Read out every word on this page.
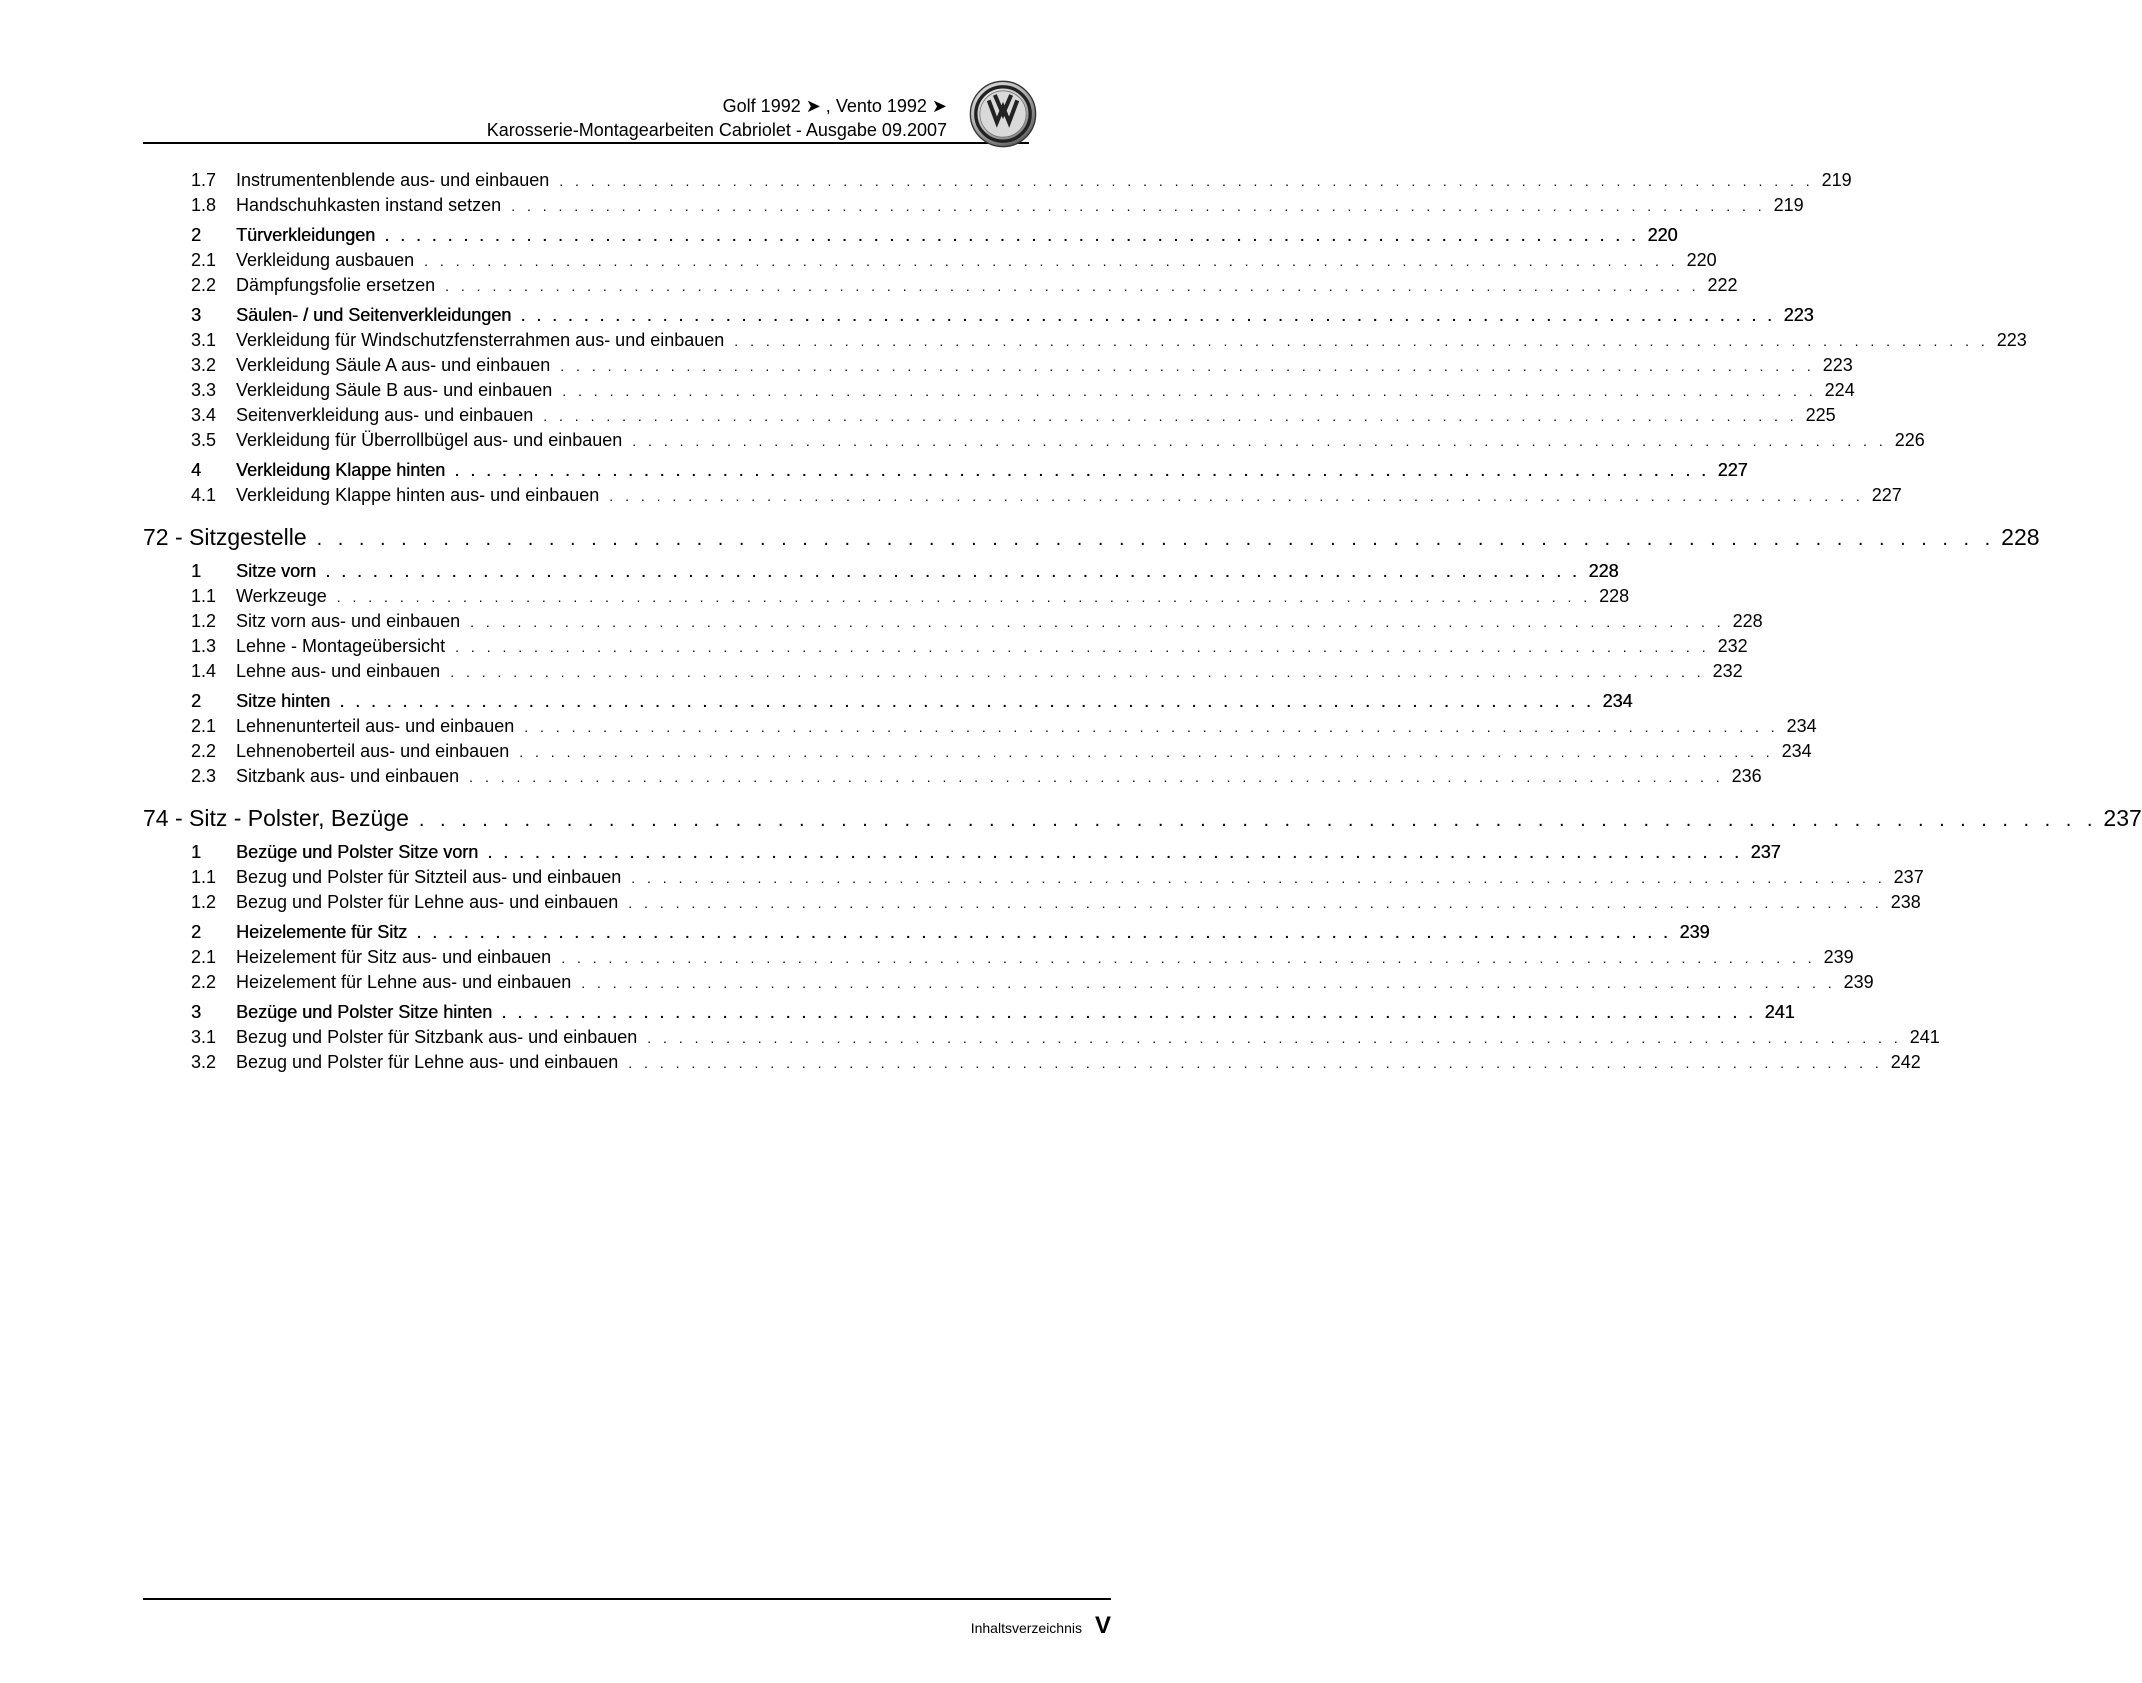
Golf 1992 ➤ , Vento 1992 ➤
Karosserie-Montagearbeiten Cabriolet - Ausgabe 09.2007
1.7	Instrumentenblende aus- und einbauen . . . . . . . . . . . . . . . . . . . . . . . . . . . . . . . . . . . . . . . . . . . . . . . . . . . . . . . . . . . . . . . . . . . . . . . . . . . . . . . . 219
1.8	Handschuhkasten instand setzen . . . . . . . . . . . . . . . . . . . . . . . . . . . . . . . . . . . . . . . . . . . . . . . . . . . . . . . . . . . . . . . . . . . . . . . . . . . . . . . . 219
2	Türverkleidungen . . . . . . . . . . . . . . . . . . . . . . . . . . . . . . . . . . . . . . . . . . . . . . . . . . . . . . . . . . . . . . . . . . . . . . . . . . . . . . . . 220
2.1	Verkleidung ausbauen . . . . . . . . . . . . . . . . . . . . . . . . . . . . . . . . . . . . . . . . . . . . . . . . . . . . . . . . . . . . . . . . . . . . . . . . . . . . . . . . 220
2.2	Dämpfungsfolie ersetzen . . . . . . . . . . . . . . . . . . . . . . . . . . . . . . . . . . . . . . . . . . . . . . . . . . . . . . . . . . . . . . . . . . . . . . . . . . . . . . . . 222
3	Säulen- / und Seitenverkleidungen . . . . . . . . . . . . . . . . . . . . . . . . . . . . . . . . . . . . . . . . . . . . . . . . . . . . . . . . . . . . . . . . . . . . . . . . . . . . . . . . 223
3.1	Verkleidung für Windschutzfensterrahmen aus- und einbauen . . . . . . . . . . . . . . . . . . . . . . . . . . . . . . . . . . . . . . . . . . . . . . . . . . . . . . . . . . . . . . . . . . . . . . . . . . . . . . . . 223
3.2	Verkleidung Säule A aus- und einbauen . . . . . . . . . . . . . . . . . . . . . . . . . . . . . . . . . . . . . . . . . . . . . . . . . . . . . . . . . . . . . . . . . . . . . . . . . . . . . . . . 223
3.3	Verkleidung Säule B aus- und einbauen . . . . . . . . . . . . . . . . . . . . . . . . . . . . . . . . . . . . . . . . . . . . . . . . . . . . . . . . . . . . . . . . . . . . . . . . . . . . . . . . 224
3.4	Seitenverkleidung aus- und einbauen . . . . . . . . . . . . . . . . . . . . . . . . . . . . . . . . . . . . . . . . . . . . . . . . . . . . . . . . . . . . . . . . . . . . . . . . . . . . . . . . 225
3.5	Verkleidung für Überrollbügel aus- und einbauen . . . . . . . . . . . . . . . . . . . . . . . . . . . . . . . . . . . . . . . . . . . . . . . . . . . . . . . . . . . . . . . . . . . . . . . . . . . . . . . . 226
4	Verkleidung Klappe hinten . . . . . . . . . . . . . . . . . . . . . . . . . . . . . . . . . . . . . . . . . . . . . . . . . . . . . . . . . . . . . . . . . . . . . . . . . . . . . . . . 227
4.1	Verkleidung Klappe hinten aus- und einbauen . . . . . . . . . . . . . . . . . . . . . . . . . . . . . . . . . . . . . . . . . . . . . . . . . . . . . . . . . . . . . . . . . . . . . . . . . . . . . . . . 227
72 - Sitzgestelle . . . . . . . . . . . . . . . . . . . . . . . . . . . . . . . . . . . . . . . . . . . . . . . . . . . . . . . . . . . . . . . . . . . . . . . . . . . . . . . . 228
1	Sitze vorn . . . . . . . . . . . . . . . . . . . . . . . . . . . . . . . . . . . . . . . . . . . . . . . . . . . . . . . . . . . . . . . . . . . . . . . . . . . . . . . . 228
1.1	Werkzeuge . . . . . . . . . . . . . . . . . . . . . . . . . . . . . . . . . . . . . . . . . . . . . . . . . . . . . . . . . . . . . . . . . . . . . . . . . . . . . . . . 228
1.2	Sitz vorn aus- und einbauen . . . . . . . . . . . . . . . . . . . . . . . . . . . . . . . . . . . . . . . . . . . . . . . . . . . . . . . . . . . . . . . . . . . . . . . . . . . . . . . . 228
1.3	Lehne - Montageübersicht . . . . . . . . . . . . . . . . . . . . . . . . . . . . . . . . . . . . . . . . . . . . . . . . . . . . . . . . . . . . . . . . . . . . . . . . . . . . . . . . 232
1.4	Lehne aus- und einbauen . . . . . . . . . . . . . . . . . . . . . . . . . . . . . . . . . . . . . . . . . . . . . . . . . . . . . . . . . . . . . . . . . . . . . . . . . . . . . . . . 232
2	Sitze hinten . . . . . . . . . . . . . . . . . . . . . . . . . . . . . . . . . . . . . . . . . . . . . . . . . . . . . . . . . . . . . . . . . . . . . . . . . . . . . . . . 234
2.1	Lehnenunterteil aus- und einbauen . . . . . . . . . . . . . . . . . . . . . . . . . . . . . . . . . . . . . . . . . . . . . . . . . . . . . . . . . . . . . . . . . . . . . . . . . . . . . . . . 234
2.2	Lehnenoberteil aus- und einbauen . . . . . . . . . . . . . . . . . . . . . . . . . . . . . . . . . . . . . . . . . . . . . . . . . . . . . . . . . . . . . . . . . . . . . . . . . . . . . . . . 234
2.3	Sitzbank aus- und einbauen . . . . . . . . . . . . . . . . . . . . . . . . . . . . . . . . . . . . . . . . . . . . . . . . . . . . . . . . . . . . . . . . . . . . . . . . . . . . . . . . 236
74 - Sitz - Polster, Bezüge . . . . . . . . . . . . . . . . . . . . . . . . . . . . . . . . . . . . . . . . . . . . . . . . . . . . . . . . . . . . . . . . . . . . . . . . . . . . . . . . 237
1	Bezüge und Polster Sitze vorn . . . . . . . . . . . . . . . . . . . . . . . . . . . . . . . . . . . . . . . . . . . . . . . . . . . . . . . . . . . . . . . . . . . . . . . . . . . . . . . . 237
1.1	Bezug und Polster für Sitzteil aus- und einbauen . . . . . . . . . . . . . . . . . . . . . . . . . . . . . . . . . . . . . . . . . . . . . . . . . . . . . . . . . . . . . . . . . . . . . . . . . . . . . . . . 237
1.2	Bezug und Polster für Lehne aus- und einbauen . . . . . . . . . . . . . . . . . . . . . . . . . . . . . . . . . . . . . . . . . . . . . . . . . . . . . . . . . . . . . . . . . . . . . . . . . . . . . . . . 238
2	Heizelemente für Sitz . . . . . . . . . . . . . . . . . . . . . . . . . . . . . . . . . . . . . . . . . . . . . . . . . . . . . . . . . . . . . . . . . . . . . . . . . . . . . . . . 239
2.1	Heizelement für Sitz aus- und einbauen . . . . . . . . . . . . . . . . . . . . . . . . . . . . . . . . . . . . . . . . . . . . . . . . . . . . . . . . . . . . . . . . . . . . . . . . . . . . . . . . 239
2.2	Heizelement für Lehne aus- und einbauen . . . . . . . . . . . . . . . . . . . . . . . . . . . . . . . . . . . . . . . . . . . . . . . . . . . . . . . . . . . . . . . . . . . . . . . . . . . . . . . . 239
3	Bezüge und Polster Sitze hinten . . . . . . . . . . . . . . . . . . . . . . . . . . . . . . . . . . . . . . . . . . . . . . . . . . . . . . . . . . . . . . . . . . . . . . . . . . . . . . . . 241
3.1	Bezug und Polster für Sitzbank aus- und einbauen . . . . . . . . . . . . . . . . . . . . . . . . . . . . . . . . . . . . . . . . . . . . . . . . . . . . . . . . . . . . . . . . . . . . . . . . . . . . . . . . 241
3.2	Bezug und Polster für Lehne aus- und einbauen . . . . . . . . . . . . . . . . . . . . . . . . . . . . . . . . . . . . . . . . . . . . . . . . . . . . . . . . . . . . . . . . . . . . . . . . . . . . . . . . 242
Inhaltsverzeichnis V
